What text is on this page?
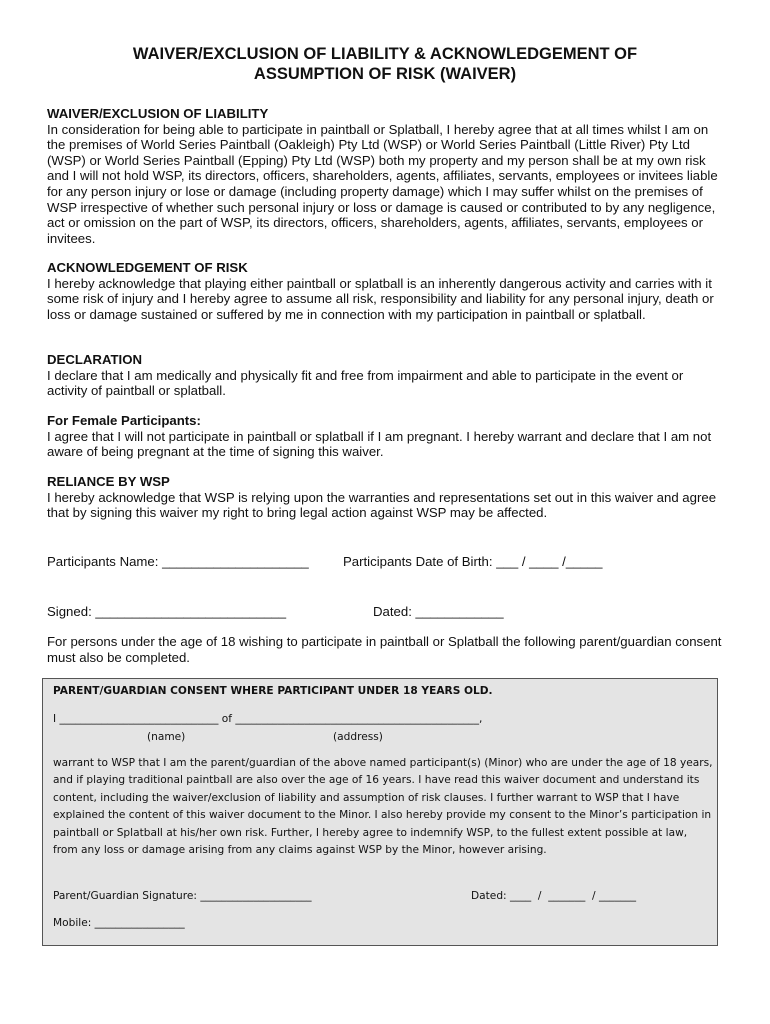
WAIVER/EXCLUSION OF LIABILITY & ACKNOWLEDGEMENT OF
ASSUMPTION OF RISK (WAIVER)
WAIVER/EXCLUSION OF LIABILITY

In consideration for being able to participate in paintball or Splatball, I hereby agree that at all times whilst I am on the premises of World Series Paintball (Oakleigh) Pty Ltd (WSP) or World Series Paintball (Little River) Pty Ltd (WSP) or World Series Paintball (Epping) Pty Ltd (WSP) both my property and my person shall be at my own risk and I will not hold WSP, its directors, officers, shareholders, agents, affiliates, servants, employees or invitees liable for any person injury or lose or damage (including property damage) which I may suffer whilst on the premises of WSP irrespective of whether such personal injury or loss or damage is caused or contributed to by any negligence, act or omission on the part of WSP, its directors, officers, shareholders, agents, affiliates, servants, employees or invitees.

ACKNOWLEDGEMENT OF RISK

I hereby acknowledge that playing either paintball or splatball is an inherently dangerous activity and carries with it some risk of injury and I hereby agree to assume all risk, responsibility and liability for any personal injury, death or loss or damage sustained or suffered by me in connection with my participation in paintball or splatball.

DECLARATION

I declare that I am medically and physically fit and free from impairment and able to participate in the event or activity of paintball or splatball.

For Female Participants:

I agree that I will not participate in paintball or splatball if I am pregnant. I hereby warrant and declare that I am not aware of being pregnant at the time of signing this waiver.

RELIANCE BY WSP

I hereby acknowledge that WSP is relying upon the warranties and representations set out in this waiver and agree that by signing this waiver my right to bring legal action against WSP may be affected.

Participants Name: ____________________	Participants Date of Birth: ___ / ____ /_____
Signed: __________________________	Dated: ____________

For persons under the age of 18 wishing to participate in paintball or Splatball the following parent/guardian consent must also be completed.

PARENT/GUARDIAN CONSENT WHERE PARTICIPANT UNDER 18 YEARS OLD.
I ______________________________ of ______________________________________________,
(name)	(address)
warrant to WSP that I am the parent/guardian of the above named participant(s) (Minor) who are under the age of 18 years, and if playing traditional paintball are also over the age of 16 years. I have read this waiver document and understand its content, including the waiver/exclusion of liability and assumption of risk clauses. I further warrant to WSP that I have explained the content of this waiver document to the Minor. I also hereby provide my consent to the Minor’s participation in paintball or Splatball at his/her own risk. Further, I hereby agree to indemnify WSP, to the fullest extent possible at law, from any loss or damage arising from any claims against WSP by the Minor, however arising.
Parent/Guardian Signature: _____________________	Dated: ____  /  _______  / _______
Mobile: _________________
